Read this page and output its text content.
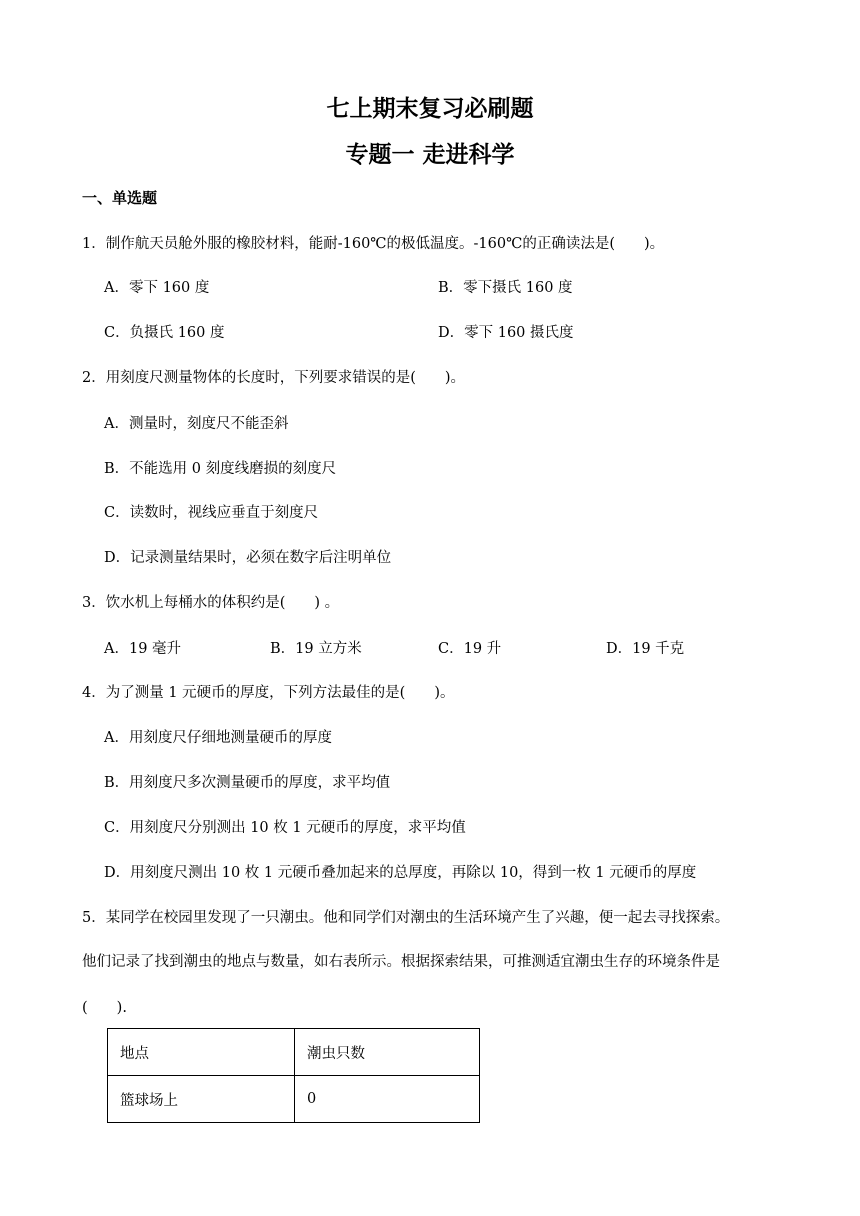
七上期末复习必刷题
专题一 走进科学
一、单选题
1．制作航天员舱外服的橡胶材料，能耐-160℃的极低温度。-160℃的正确读法是(　　)。
A．零下 160 度	B．零下摄氏 160 度
C．负摄氏 160 度	D．零下 160 摄氏度
2．用刻度尺测量物体的长度时，下列要求错误的是(　　)。
A．测量时，刻度尺不能歪斜
B．不能选用 0 刻度线磨损的刻度尺
C．读数时，视线应垂直于刻度尺
D．记录测量结果时，必须在数字后注明单位
3．饮水机上每桶水的体积约是(　　) 。
A．19 毫升	B．19 立方米	C．19 升	D．19 千克
4．为了测量 1 元硬币的厚度，下列方法最佳的是(　　)。
A．用刻度尺仔细地测量硬币的厚度
B．用刻度尺多次测量硬币的厚度，求平均值
C．用刻度尺分别测出 10 枚 1 元硬币的厚度，求平均值
D．用刻度尺测出 10 枚 1 元硬币叠加起来的总厚度，再除以 10，得到一枚 1 元硬币的厚度
5．某同学在校园里发现了一只潮虫。他和同学们对潮虫的生活环境产生了兴趣，便一起去寻找探索。
他们记录了找到潮虫的地点与数量，如右表所示。根据探索结果，可推测适宜潮虫生存的环境条件是
(　　).
地点	潮虫只数
篮球场上	0
